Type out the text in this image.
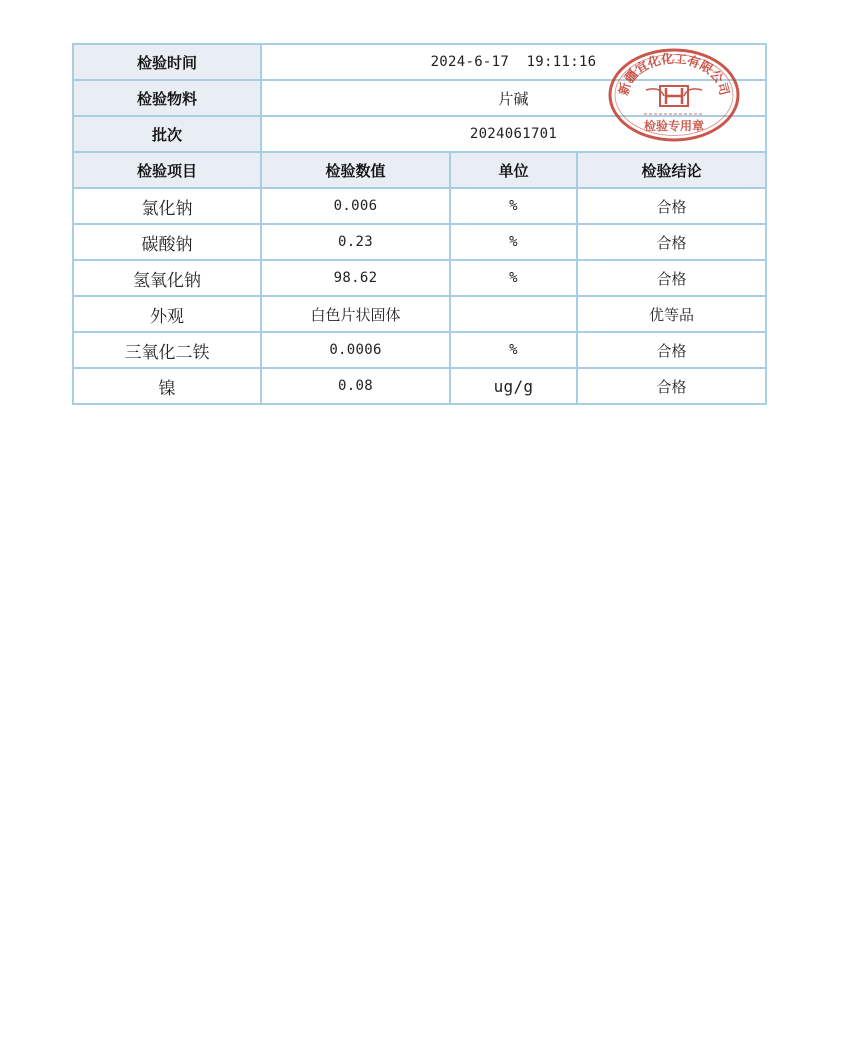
检验时间	2024-6-17  19:11:16		
检验物料	片碱		
批次	2024061701		
检验项目	检验数值	单位	检验结论
氯化钠	0.006	%	合格
碳酸钠	0.23	%	合格
氢氧化钠	98.62	%	合格
外观	白色片状固体		优等品
三氧化二铁	0.0006	%	合格
镍	0.08	ug/g	合格
新疆宜化化工有限公司
检验专用章
